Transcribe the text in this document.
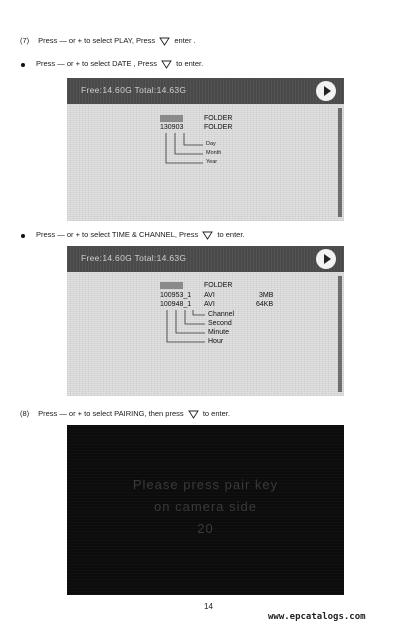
(7) Press — or + to select PLAY, Press	enter .
Press — or + to select DATE , Press	to enter.
Free:14.60G Total:14.63G
130903	FOLDER
130903	FOLDER
Day
Month
Year
Press — or + to select TIME & CHANNEL, Press	to enter.
Free:14.60G Total:14.63G
130903	FOLDER
100953_1 AVI	3MB
100948_1 AVI	64KB
Channel
Second
Minute
Hour
(8) Press — or + to select PAIRING, then press	to enter.
Please press pair key
on camera side
20
14
www.epcatalogs.com
